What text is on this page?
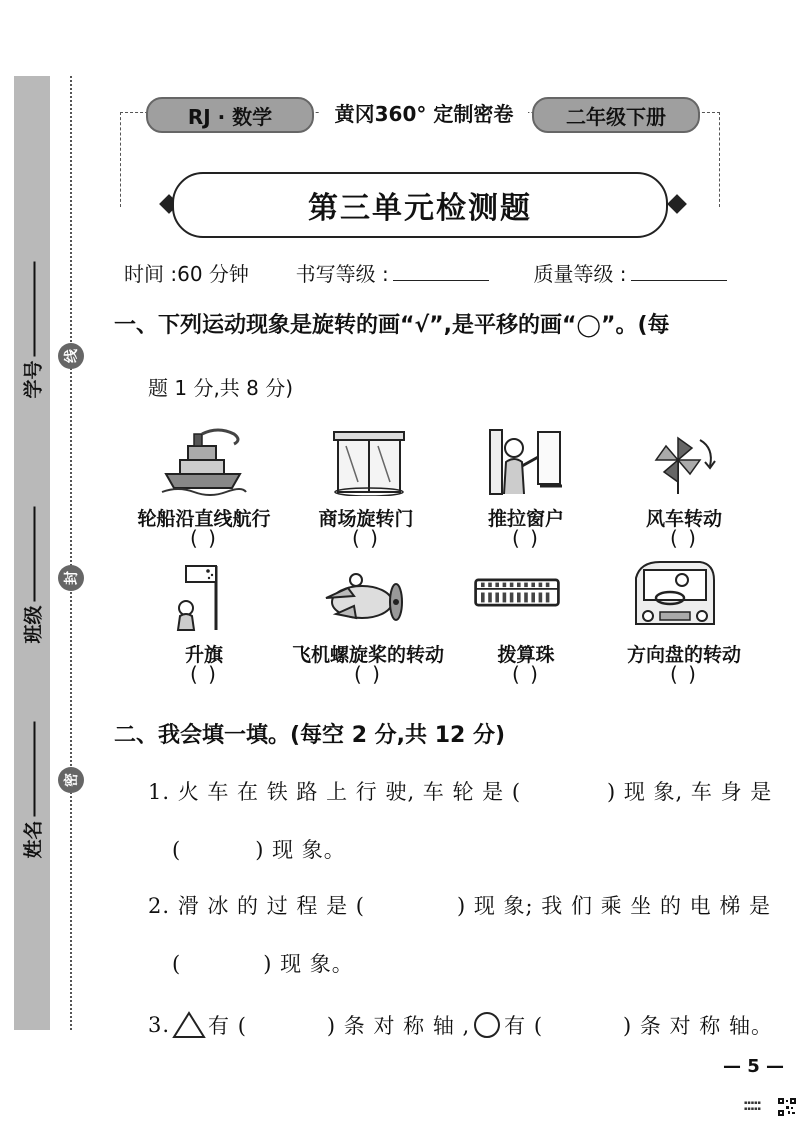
学号
班级
姓名
线
封
密
RJ · 数学	黄冈360° 定制密卷	二年级下册
第三单元检测题
时间 :60 分钟 书写等级 :	质量等级 :
一、下列运动现象是旋转的画“√”,是平移的画“◯”。(每
题 1 分,共 8 分)
轮船沿直线航行
( )
商场旋转门
( )
推拉窗户
( )
风车转动
( )
升旗
( )
飞机螺旋桨的转动
( )
拨算珠
( )
方向盘的转动
( )
二、我会填一填。(每空 2 分,共 12 分)
1. 火 车 在 铁 路 上 行 驶, 车 轮 是 (	) 现 象, 车 身 是
(	) 现 象。
2. 滑 冰 的 过 程 是 (	) 现 象; 我 们 乘 坐 的 电 梯 是
(	) 现 象。
3. 有 (	) 条 对 称 轴 , 有 (	) 条 对 称 轴。
— 5 —
▪▪▪▪▪
▪▪▪▪▪
